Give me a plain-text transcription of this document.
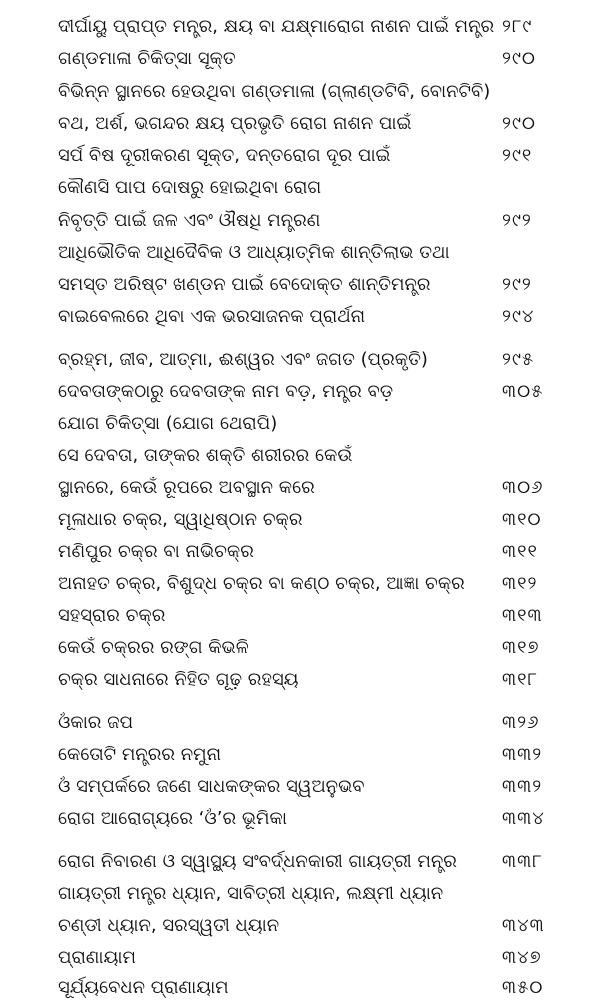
ଦୀର୍ଘାୟୁ ପ୍ରାପ୍ତ ମନ୍ତ୍ର, କ୍ଷୟ ବା ଯକ୍ଷ୍ମାରୋଗ ନାଶନ ପାଇଁ ମନ୍ତ୍ର ୨୮୯
ଗଣ୍ଡମାଳା ଚିକିତ୍ସା ସୂକ୍ତ	୨୯୦
ବିଭିନ୍ନ ସ୍ଥାନରେ ହେଉଥିବା ଗଣ୍ଡମାଳା (ଗ୍ଲାଣ୍ଡଟିବି, ବୋନଟିବି)
ବଥ, ଅର୍ଶ, ଭଗନ୍ଦର କ୍ଷୟ ପ୍ରଭୃତି ରୋଗ ନାଶନ ପାଇଁ	୨୯୦
ସର୍ପ ବିଷ ଦୂରୀକରଣ ସୂକ୍ତ, ଦନ୍ତରୋଗ ଦୂର ପାଇଁ	୨୯୧
କୌଣସି ପାପ ଦୋଷରୁ ହୋଇଥିବା ରୋଗ
ନିବୃତ୍ତି ପାଇଁ ଜଳ ଏବଂ ଔଷଧି ମନ୍ତ୍ରଣ	୨୯୨
ଆଧିଭୌତିକ ଆଧିଦୈବିକ ଓ ଆଧ୍ୟାତ୍ମିକ ଶାନ୍ତିଲାଭ ତଥା
ସମସ୍ତ ଅରିଷ୍ଟ ଖଣ୍ଡନ ପାଇଁ ବେଦୋକ୍ତ ଶାନ୍ତିମନ୍ତ୍ର	୨୯୨
ବାଇବେଲରେ ଥିବା ଏକ ଭରସାଜନକ ପ୍ରାର୍ଥନା	୨୯୪
ବ୍ରହ୍ମ, ଜୀବ, ଆତ୍ମା, ଈଶ୍ୱର ଏବଂ ଜଗତ (ପ୍ରକୃତି)	୨୯୫
ଦେବତାଙ୍କଠାରୁ ଦେବତାଙ୍କ ନାମ ବଡ଼, ମନ୍ତ୍ର ବଡ଼	୩୦୫
ଯୋଗ ଚିକିତ୍ସା (ଯୋଗ ଥେରାପି)
ସେ ଦେବତା, ତାଙ୍କର ଶକ୍ତି ଶରୀରର କେଉଁ
ସ୍ଥାନରେ, କେଉଁ ରୂପରେ ଅବସ୍ଥାନ କରେ	୩୦୬
ମୂଳାଧାର ଚକ୍ର, ସ୍ୱାଧିଷ୍ଠାନ ଚକ୍ର	୩୧୦
ମଣିପୁର ଚକ୍ର ବା ନାଭିଚକ୍ର	୩୧୧
ଅନାହତ ଚକ୍ର, ବିଶୁଦ୍ଧ ଚକ୍ର ବା କଣ୍ଠ ଚକ୍ର, ଆଜ୍ଞା ଚକ୍ର ୩୧୨
ସହସ୍ରାର ଚକ୍ର	୩୧୩
କେଉଁ ଚକ୍ରର ରଙ୍ଗ କିଭଳି	୩୧୭
ଚକ୍ର ସାଧନାରେ ନିହିତ ଗୂଢ଼ ରହସ୍ୟ	୩୧୮
ଓଁକାର ଜପ	୩୨୬
କେତୋଟି ମନ୍ତ୍ରର ନମୁନା	୩୩୨
ଓଁ ସମ୍ପର୍କରେ ଜଣେ ସାଧକଙ୍କର ସ୍ୱଅନୁଭବ	୩୩୨
ରୋଗ ଆରୋଗ୍ୟରେ ‘ଓଁ’ର ଭୂମିକା	୩୩୪
ରୋଗ ନିବାରଣ ଓ ସ୍ୱାସ୍ଥ୍ୟ ସଂବର୍ଦ୍ଧନକାରୀ ଗାୟତ୍ରୀ ମନ୍ତ୍ର	୩୩୮
ଗାୟତ୍ରୀ ମନ୍ତ୍ର ଧ୍ୟାନ, ସାବିତ୍ରୀ ଧ୍ୟାନ, ଲକ୍ଷ୍ମୀ ଧ୍ୟାନ
ଚଣ୍ଡୀ ଧ୍ୟାନ, ସରସ୍ୱତୀ ଧ୍ୟାନ	୩୪୩
ପ୍ରାଣାୟାମ	୩୪୭
ସୂର୍ଯ୍ୟବେଧନ ପ୍ରାଣାୟାମ	୩୫୦
